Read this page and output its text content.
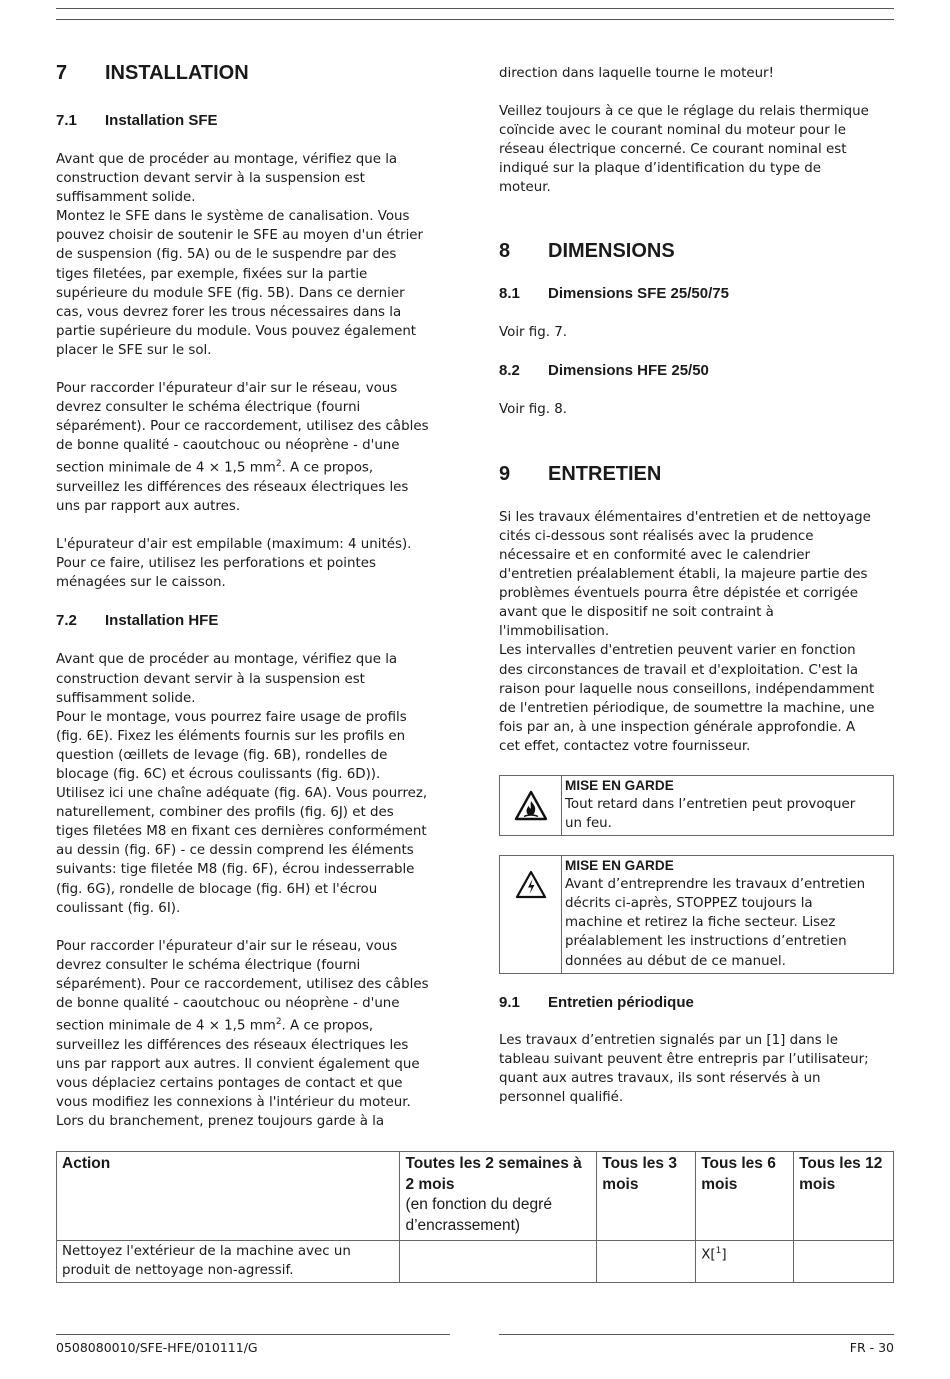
7	INSTALLATION
7.1	Installation SFE

Avant que de procéder au montage, vérifiez que la
construction devant servir à la suspension est
suffisamment solide.
Montez le SFE dans le système de canalisation. Vous
pouvez choisir de soutenir le SFE au moyen d'un étrier
de suspension (fig. 5A) ou de le suspendre par des
tiges filetées, par exemple, fixées sur la partie
supérieure du module SFE (fig. 5B). Dans ce dernier
cas, vous devrez forer les trous nécessaires dans la
partie supérieure du module. Vous pouvez également
placer le SFE sur le sol.

Pour raccorder l'épurateur d'air sur le réseau, vous
devrez consulter le schéma électrique (fourni
séparément). Pour ce raccordement, utilisez des câbles
de bonne qualité - caoutchouc ou néoprène - d'une
section minimale de 4 × 1,5 $mm^2$. A ce propos,
surveillez les différences des réseaux électriques les
uns par rapport aux autres.

L'épurateur d'air est empilable (maximum: 4 unités).
Pour ce faire, utilisez les perforations et pointes
ménagées sur le caisson.

7.2	Installation HFE

Avant que de procéder au montage, vérifiez que la
construction devant servir à la suspension est
suffisamment solide.
Pour le montage, vous pourrez faire usage de profils
(fig. 6E). Fixez les éléments fournis sur les profils en
question (œillets de levage (fig. 6B), rondelles de
blocage (fig. 6C) et écrous coulissants (fig. 6D)).
Utilisez ici une chaîne adéquate (fig. 6A). Vous pourrez,
naturellement, combiner des profils (fig. 6J) et des
tiges filetées M8 en fixant ces dernières conformément
au dessin (fig. 6F) - ce dessin comprend les éléments
suivants: tige filetée M8 (fig. 6F), écrou indesserrable
(fig. 6G), rondelle de blocage (fig. 6H) et l'écrou
coulissant (fig. 6I).

Pour raccorder l'épurateur d'air sur le réseau, vous
devrez consulter le schéma électrique (fourni
séparément). Pour ce raccordement, utilisez des câbles
de bonne qualité - caoutchouc ou néoprène - d'une
section minimale de 4 × 1,5 $mm^2$. A ce propos,
surveillez les différences des réseaux électriques les
uns par rapport aux autres. Il convient également que
vous déplaciez certains pontages de contact et que
vous modifiez les connexions à l'intérieur du moteur.
Lors du branchement, prenez toujours garde à la

direction dans laquelle tourne le moteur!

Veillez toujours à ce que le réglage du relais thermique
coïncide avec le courant nominal du moteur pour le
réseau électrique concerné. Ce courant nominal est
indiqué sur la plaque d’identification du type de
moteur.

8	DIMENSIONS
8.1	Dimensions SFE 25/50/75

Voir fig. 7.

8.2	Dimensions HFE 25/50

Voir fig. 8.

9	ENTRETIEN

Si les travaux élémentaires d'entretien et de nettoyage
cités ci-dessous sont réalisés avec la prudence
nécessaire et en conformité avec le calendrier
d'entretien préalablement établi, la majeure partie des
problèmes éventuels pourra être dépistée et corrigée
avant que le dispositif ne soit contraint à
l'immobilisation.
Les intervalles d'entretien peuvent varier en fonction
des circonstances de travail et d'exploitation. C'est la
raison pour laquelle nous conseillons, indépendamment
de l'entretien périodique, de soumettre la machine, une
fois par an, à une inspection générale approfondie. A
cet effet, contactez votre fournisseur.

MISE EN GARDE

Tout retard dans l’entretien peut provoquer
un feu.

MISE EN GARDE

Avant d’entreprendre les travaux d’entretien
décrits ci-après, STOPPEZ toujours la
machine et retirez la fiche secteur. Lisez
préalablement les instructions d’entretien
données au début de ce manuel.

9.1	Entretien périodique

Les travaux d’entretien signalés par un [1] dans le
tableau suivant peuvent être entrepris par l’utilisateur;
quant aux autres travaux, ils sont réservés à un
personnel qualifié.

Action	Toutes les 2 semaines à 2 mois
(en fonction du degré d’encrassement)	Tous les 3 mois	Tous les 6 mois	Tous les 12 mois
Nettoyez l'extérieur de la machine avec un produit de nettoyage non-agressif.			X[$^1$]	
0508080010/SFE-HFE/010111/G	FR - 30
